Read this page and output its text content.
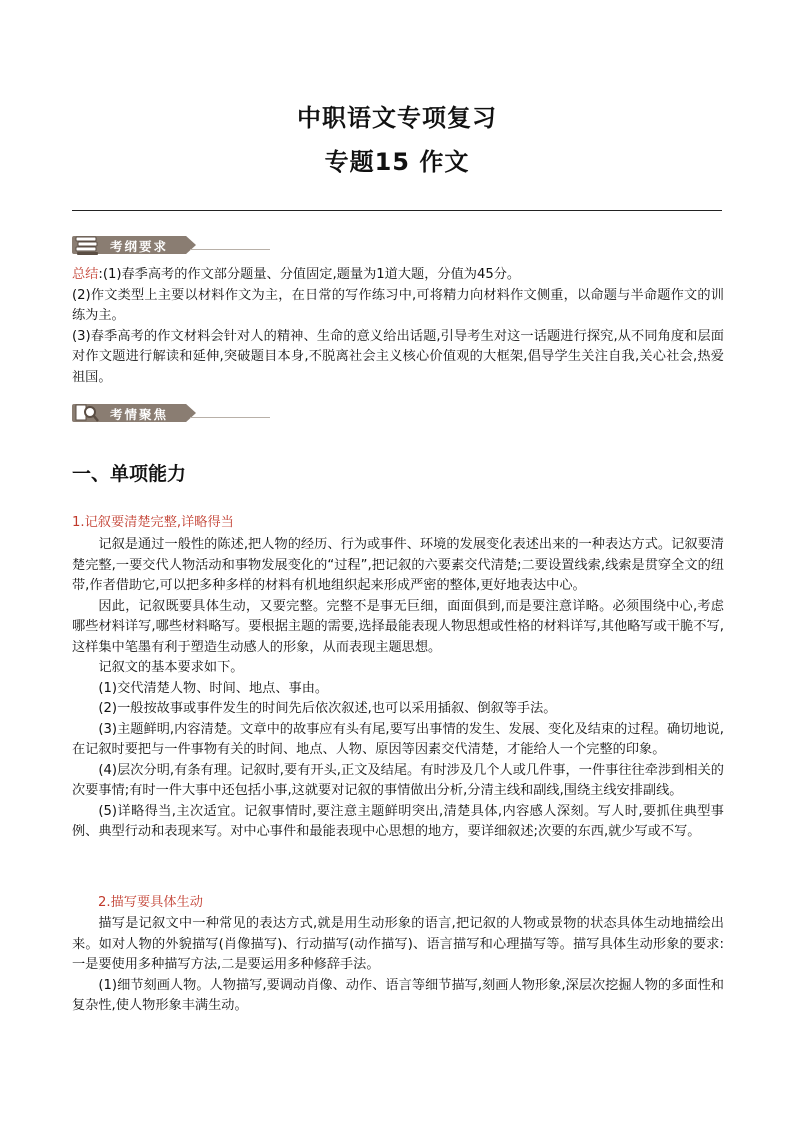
中职语文专项复习
专题15 作文
考纲要求

总结:(1)春季高考的作文部分题量、分值固定,题量为1道大题，分值为45分。
(2)作文类型上主要以材料作文为主，在日常的写作练习中,可将精力向材料作文侧重，以命题与半命题作文的训练为主。
(3)春季高考的作文材料会针对人的精神、生命的意义给出话题,引导考生对这一话题进行探究,从不同角度和层面对作文题进行解读和延伸,突破题目本身,不脱离社会主义核心价值观的大框架,倡导学生关注自我,关心社会,热爱祖国。

考情聚焦
一、单项能力
1.记叙要清楚完整,详略得当

记叙是通过一般性的陈述,把人物的经历、行为或事件、环境的发展变化表述出来的一种表达方式。记叙要清楚完整,一要交代人物活动和事物发展变化的“过程”,把记叙的六要素交代清楚;二要设置线索,线索是贯穿全文的纽带,作者借助它,可以把多种多样的材料有机地组织起来形成严密的整体,更好地表达中心。

因此，记叙既要具体生动，又要完整。完整不是事无巨细，面面俱到,而是要注意详略。必须围绕中心,考虑哪些材料详写,哪些材料略写。要根据主题的需要,选择最能表现人物思想或性格的材料详写,其他略写或干脆不写,这样集中笔墨有利于塑造生动感人的形象，从而表现主题思想。

记叙文的基本要求如下。

(1)交代清楚人物、时间、地点、事由。

(2)一般按故事或事件发生的时间先后依次叙述,也可以采用插叙、倒叙等手法。

(3)主题鲜明,内容清楚。文章中的故事应有头有尾,要写出事情的发生、发展、变化及结束的过程。确切地说,在记叙时要把与一件事物有关的时间、地点、人物、原因等因素交代清楚，才能给人一个完整的印象。

(4)层次分明,有条有理。记叙时,要有开头,正文及结尾。有时涉及几个人或几件事，一件事往往牵涉到相关的次要事情;有时一件大事中还包括小事,这就要对记叙的事情做出分析,分清主线和副线,围绕主线安排副线。

(5)详略得当,主次适宜。记叙事情时,要注意主题鲜明突出,清楚具体,内容感人深刻。写人时,要抓住典型事例、典型行动和表现来写。对中心事件和最能表现中心思想的地方，要详细叙述;次要的东西,就少写或不写。

2.描写要具体生动

描写是记叙文中一种常见的表达方式,就是用生动形象的语言,把记叙的人物或景物的状态具体生动地描绘出来。如对人物的外貌描写(肖像描写)、行动描写(动作描写)、语言描写和心理描写等。描写具体生动形象的要求:一是要使用多种描写方法,二是要运用多种修辞手法。

(1)细节刻画人物。人物描写,要调动肖像、动作、语言等细节描写,刻画人物形象,深层次挖掘人物的多面性和复杂性,使人物形象丰满生动。
